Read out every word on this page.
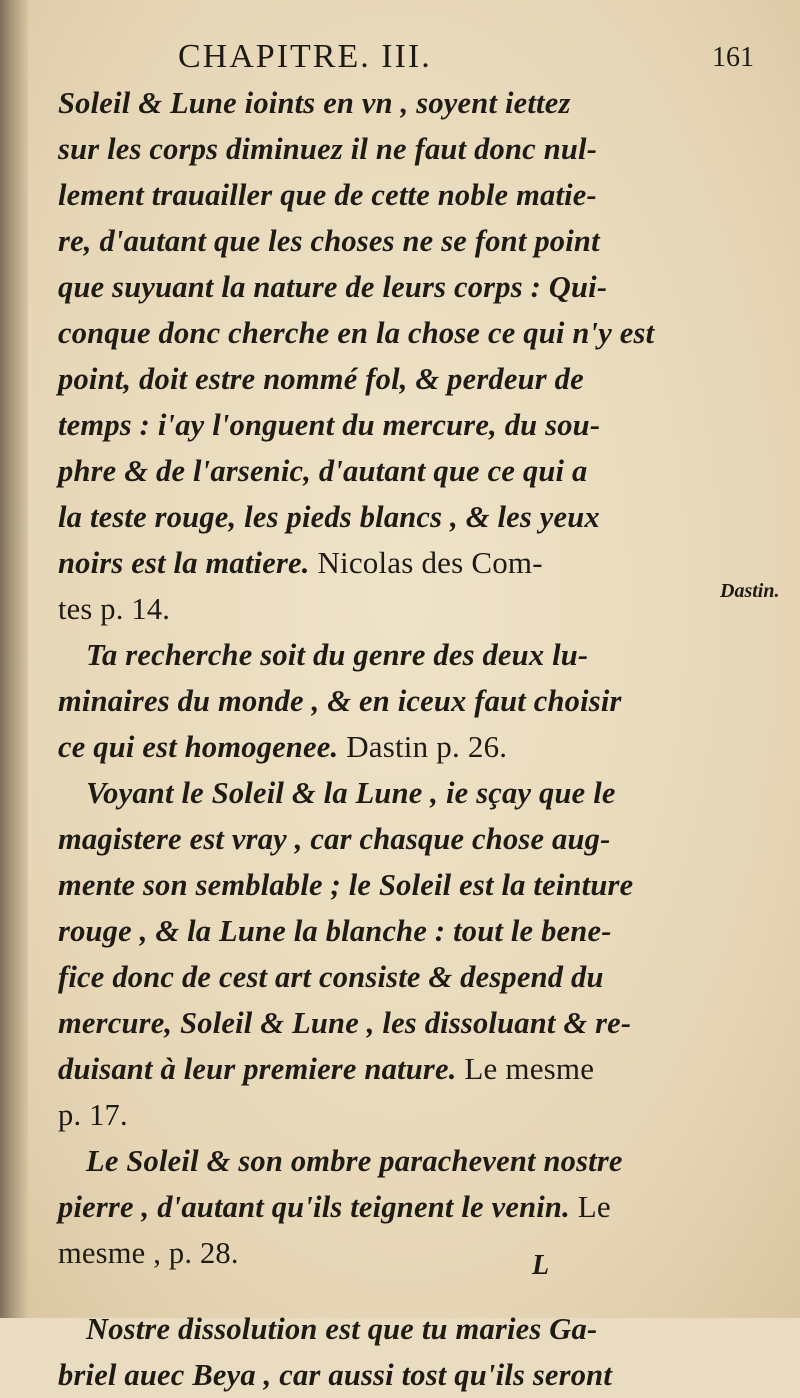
CHAPITRE. III.	161
Soleil & Lune ioints en vn , soyent iettez
sur les corps diminuez il ne faut donc nul-
lement trauailler que de cette noble matie-
re, d'autant que les choses ne se font point
que suyuant la nature de leurs corps : Qui-
conque donc cherche en la chose ce qui n'y est
point, doit estre nommé fol, & perdeur de
temps : i'ay l'onguent du mercure, du sou-
phre & de l'arsenic, d'autant que ce qui a
la teste rouge, les pieds blancs , & les yeux
noirs est la matiere. Nicolas des Com-
tes p. 14.
Ta recherche soit du genre des deux lu-
minaires du monde , & en iceux faut choisir
ce qui est homogenee. Dastin p. 26.
Voyant le Soleil & la Lune , ie sçay que le
magistere est vray , car chasque chose aug-
mente son semblable ; le Soleil est la teinture
rouge , & la Lune la blanche : tout le bene-
fice donc de cest art consiste & despend du
mercure, Soleil & Lune , les dissoluant & re-
duisant à leur premiere nature. Le mesme
p. 17.
Le Soleil & son ombre parachevent nostre
pierre , d'autant qu'ils teignent le venin. Le
mesme , p. 28.
Nostre dissolution est que tu maries Ga-
briel auec Beya , car aussi tost qu'ils seront
Dastin.
L
